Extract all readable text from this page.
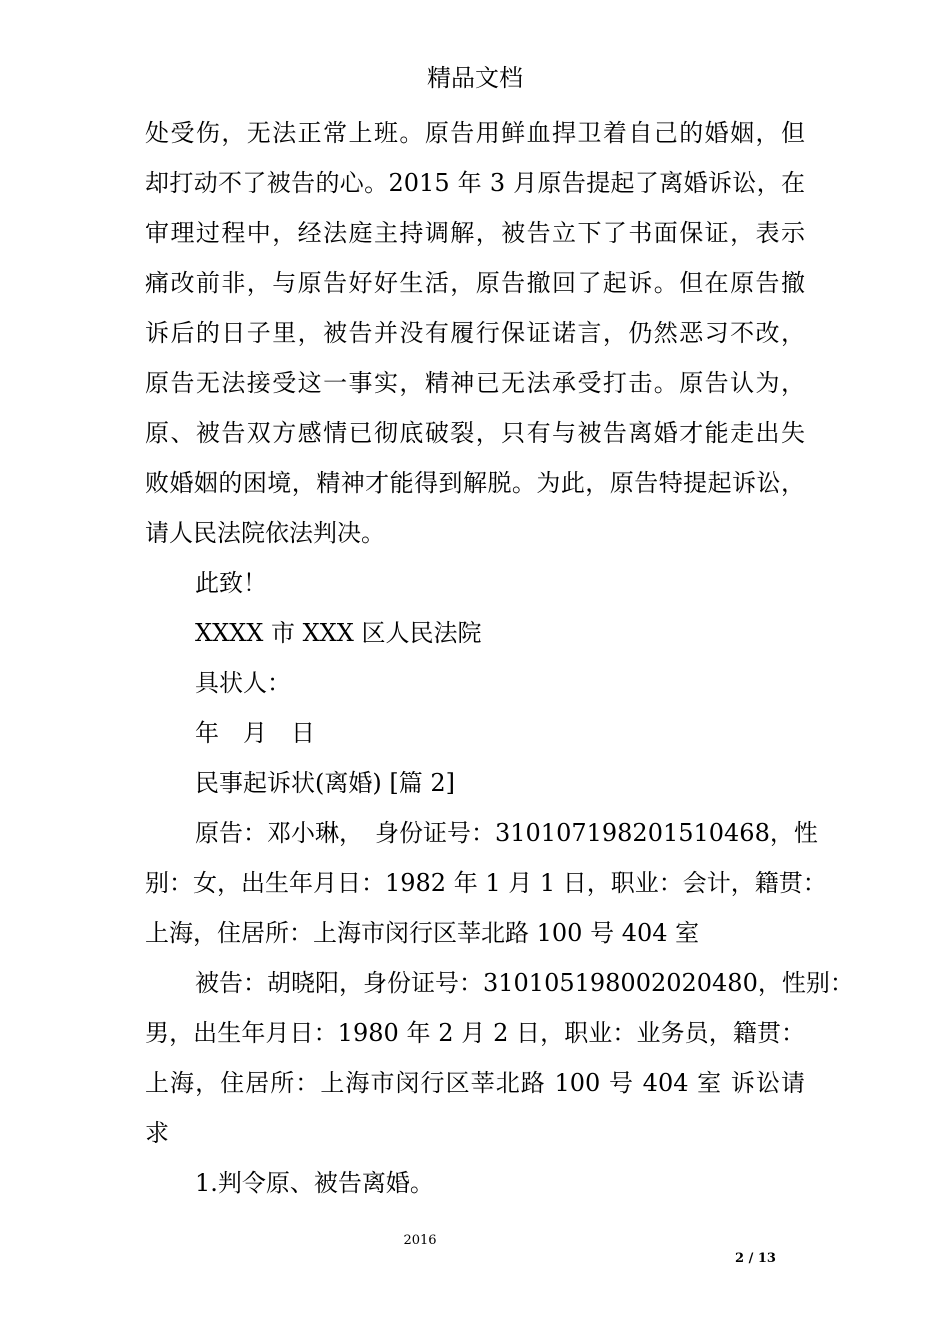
精品文档
处受伤，无法正常上班。原告用鲜血捍卫着自己的婚姻，但
却打动不了被告的心。2015 年 3 月原告提起了离婚诉讼，在
审理过程中，经法庭主持调解，被告立下了书面保证，表示
痛改前非，与原告好好生活，原告撤回了起诉。但在原告撤
诉后的日子里，被告并没有履行保证诺言，仍然恶习不改，
原告无法接受这一事实，精神已无法承受打击。原告认为，
原、被告双方感情已彻底破裂，只有与被告离婚才能走出失
败婚姻的困境，精神才能得到解脱。为此，原告特提起诉讼，
请人民法院依法判决。
此致！
XXXX 市 XXX 区人民法院
具状人：
年　月　日
民事起诉状(离婚) [篇 2]
原告：邓小琳，　身份证号：310107198201510468，性
别：女，出生年月日：1982 年 1 月 1 日，职业：会计，籍贯：
上海，住居所：上海市闵行区莘北路 100 号 404 室
被告：胡晓阳，身份证号：310105198002020480，性别：
男，出生年月日：1980 年 2 月 2 日，职业：业务员，籍贯：
上海，住居所：上海市闵行区莘北路 100 号 404 室 诉讼请
求
1.判令原、被告离婚。
2016
2 / 13
